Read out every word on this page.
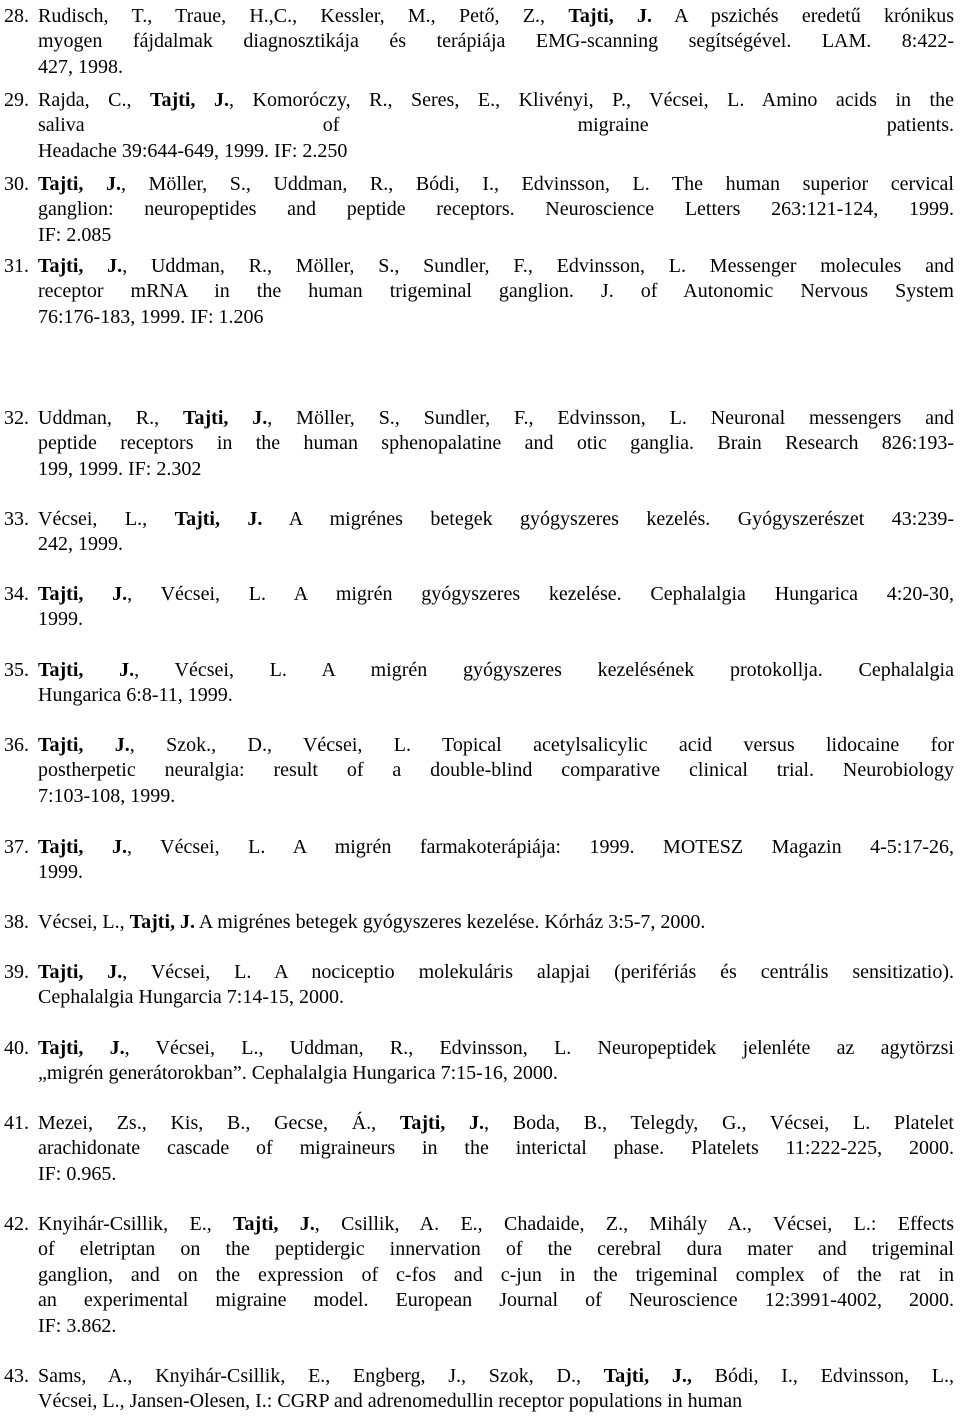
28. Rudisch, T., Traue, H.,C., Kessler, M., Pető, Z., Tajti, J. A pszichés eredetű krónikus
myogen fájdalmak diagnosztikája és terápiája EMG-scanning segítségével. LAM. 8:422-
427, 1998.
29. Rajda, C., Tajti, J., Komoróczy, R., Seres, E., Klivényi, P., Vécsei, L. Amino acids in the
saliva of migraine patients.
Headache 39:644-649, 1999. IF: 2.250
30. Tajti, J., Möller, S., Uddman, R., Bódi, I., Edvinsson, L. The human superior cervical
ganglion: neuropeptides and peptide receptors. Neuroscience Letters 263:121-124, 1999.
IF: 2.085
31. Tajti, J., Uddman, R., Möller, S., Sundler, F., Edvinsson, L. Messenger molecules and
receptor mRNA in the human trigeminal ganglion. J. of Autonomic Nervous System
76:176-183, 1999. IF: 1.206
32. Uddman, R., Tajti, J., Möller, S., Sundler, F., Edvinsson, L. Neuronal messengers and
peptide receptors in the human sphenopalatine and otic ganglia. Brain Research 826:193-
199, 1999. IF: 2.302
33. Vécsei, L., Tajti, J. A migrénes betegek gyógyszeres kezelés. Gyógyszerészet 43:239-
242, 1999.
34. Tajti, J., Vécsei, L. A migrén gyógyszeres kezelése. Cephalalgia Hungarica 4:20-30,
1999.
35. Tajti, J., Vécsei, L. A migrén gyógyszeres kezelésének protokollja. Cephalalgia
Hungarica 6:8-11, 1999.
36. Tajti, J., Szok., D., Vécsei, L. Topical acetylsalicylic acid versus lidocaine for
postherpetic neuralgia: result of a double-blind comparative clinical trial. Neurobiology
7:103-108, 1999.
37. Tajti, J., Vécsei, L. A migrén farmakoterápiája: 1999. MOTESZ Magazin 4-5:17-26,
1999.
38. Vécsei, L., Tajti, J. A migrénes betegek gyógyszeres kezelése. Kórház 3:5-7, 2000.
39. Tajti, J., Vécsei, L. A nociceptio molekuláris alapjai (perifériás és centrális sensitizatio).
Cephalalgia Hungarcia 7:14-15, 2000.
40. Tajti, J., Vécsei, L., Uddman, R., Edvinsson, L. Neuropeptidek jelenléte az agytörzsi
„migrén generátorokban”. Cephalalgia Hungarica 7:15-16, 2000.
41. Mezei, Zs., Kis, B., Gecse, Á., Tajti, J., Boda, B., Telegdy, G., Vécsei, L. Platelet
arachidonate cascade of migraineurs in the interictal phase. Platelets 11:222-225, 2000.
IF: 0.965.
42. Knyihár-Csillik, E., Tajti, J., Csillik, A. E., Chadaide, Z., Mihály A., Vécsei, L.: Effects
of eletriptan on the peptidergic innervation of the cerebral dura mater and trigeminal
ganglion, and on the expression of c-fos and c-jun in the trigeminal complex of the rat in
an experimental migraine model. European Journal of Neuroscience 12:3991-4002, 2000.
IF: 3.862.
43. Sams, A., Knyihár-Csillik, E., Engberg, J., Szok, D., Tajti, J., Bódi, I., Edvinsson, L.,
Vécsei, L., Jansen-Olesen, I.: CGRP and adrenomedullin receptor populations in human
